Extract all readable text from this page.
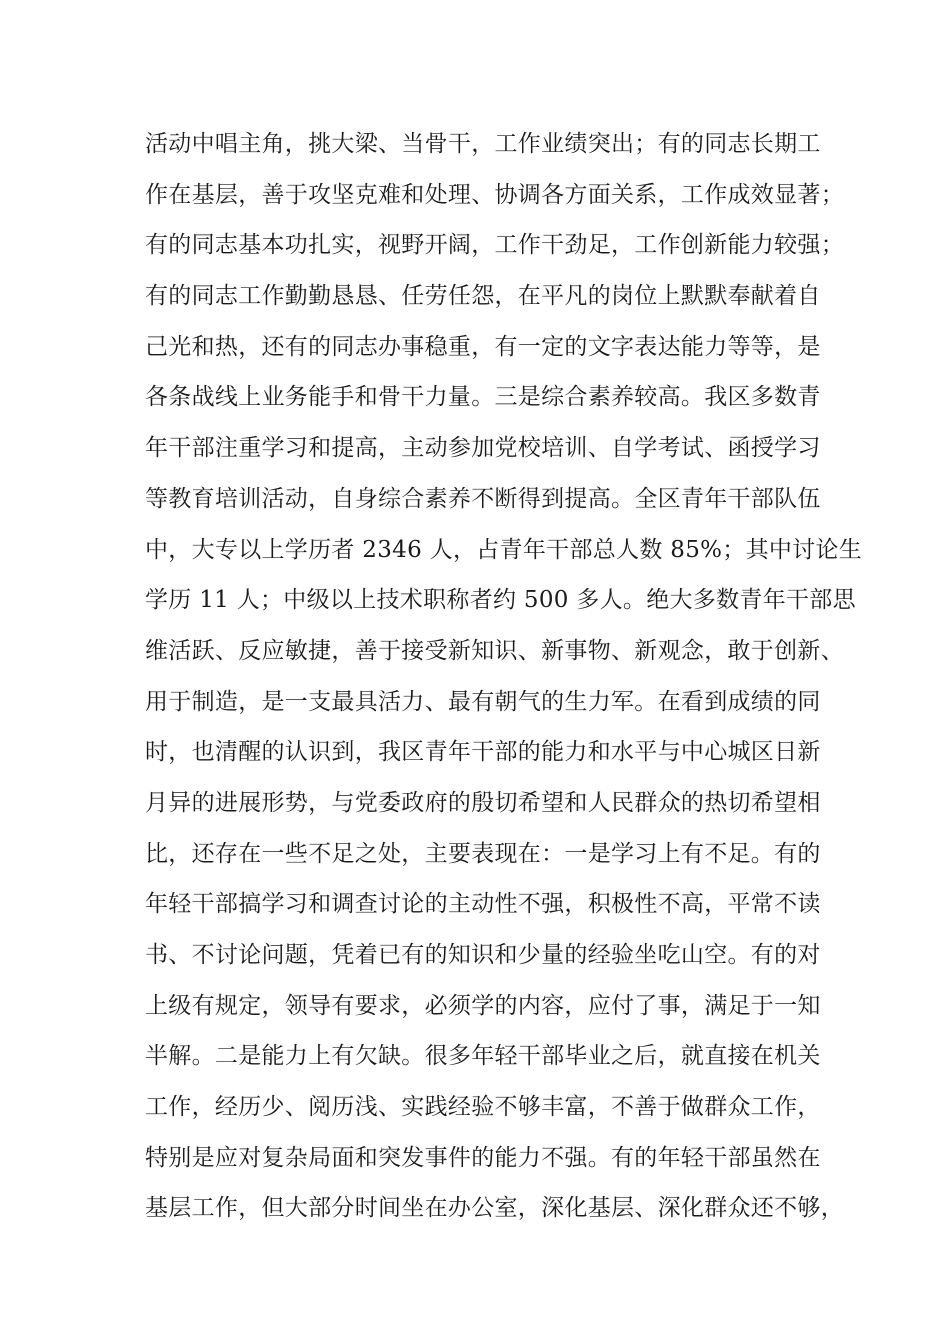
活动中唱主角，挑大梁、当骨干，工作业绩突出；有的同志长期工
作在基层，善于攻坚克难和处理、协调各方面关系，工作成效显著；
有的同志基本功扎实，视野开阔，工作干劲足，工作创新能力较强；
有的同志工作勤勤恳恳、任劳任怨，在平凡的岗位上默默奉献着自
己光和热，还有的同志办事稳重，有一定的文字表达能力等等，是
各条战线上业务能手和骨干力量。三是综合素养较高。我区多数青
年干部注重学习和提高，主动参加党校培训、自学考试、函授学习
等教育培训活动，自身综合素养不断得到提高。全区青年干部队伍
中，大专以上学历者 2346 人，占青年干部总人数 85%；其中讨论生
学历 11 人；中级以上技术职称者约 500 多人。绝大多数青年干部思
维活跃、反应敏捷，善于接受新知识、新事物、新观念，敢于创新、
用于制造，是一支最具活力、最有朝气的生力军。在看到成绩的同
时，也清醒的认识到，我区青年干部的能力和水平与中心城区日新
月异的进展形势，与党委政府的殷切希望和人民群众的热切希望相
比，还存在一些不足之处，主要表现在：一是学习上有不足。有的
年轻干部搞学习和调查讨论的主动性不强，积极性不高，平常不读
书、不讨论问题，凭着已有的知识和少量的经验坐吃山空。有的对
上级有规定，领导有要求，必须学的内容，应付了事，满足于一知
半解。二是能力上有欠缺。很多年轻干部毕业之后，就直接在机关
工作，经历少、阅历浅、实践经验不够丰富，不善于做群众工作，
特别是应对复杂局面和突发事件的能力不强。有的年轻干部虽然在
基层工作，但大部分时间坐在办公室，深化基层、深化群众还不够，
